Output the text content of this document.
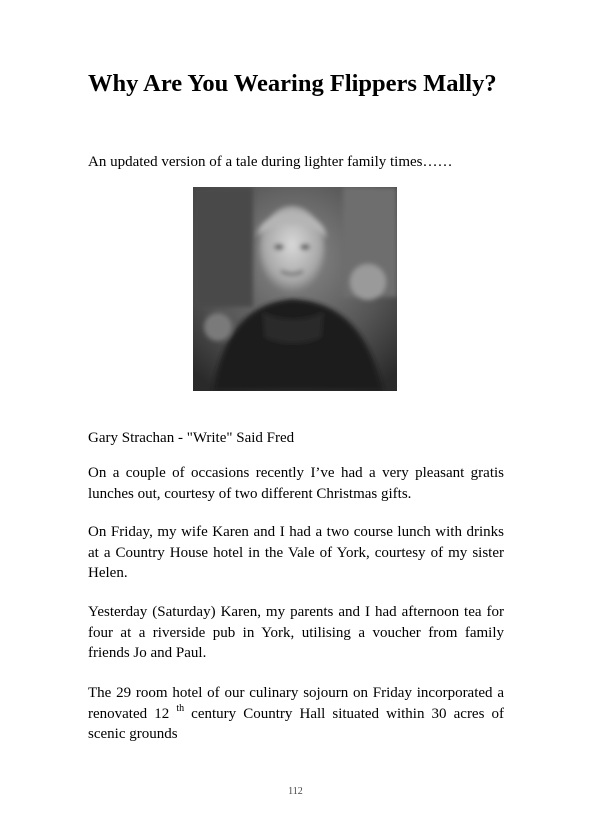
Why Are You Wearing Flippers Mally?
An updated version of a tale during lighter family times……
Gary Strachan - "Write" Said Fred

On a couple of occasions recently I’ve had a very pleasant gratis lunches out, courtesy of two different Christmas gifts.

On Friday, my wife Karen and I had a two course lunch with drinks at a Country House hotel in the Vale of York, courtesy of my sister Helen.

Yesterday (Saturday) Karen, my parents and I had afternoon tea for four at a riverside pub in York, utilising a voucher from family friends Jo and Paul.

The 29 room hotel of our culinary sojourn on Friday incorporated a renovated 12 $^{th}$ century Country Hall situated within 30 acres of scenic grounds

112
